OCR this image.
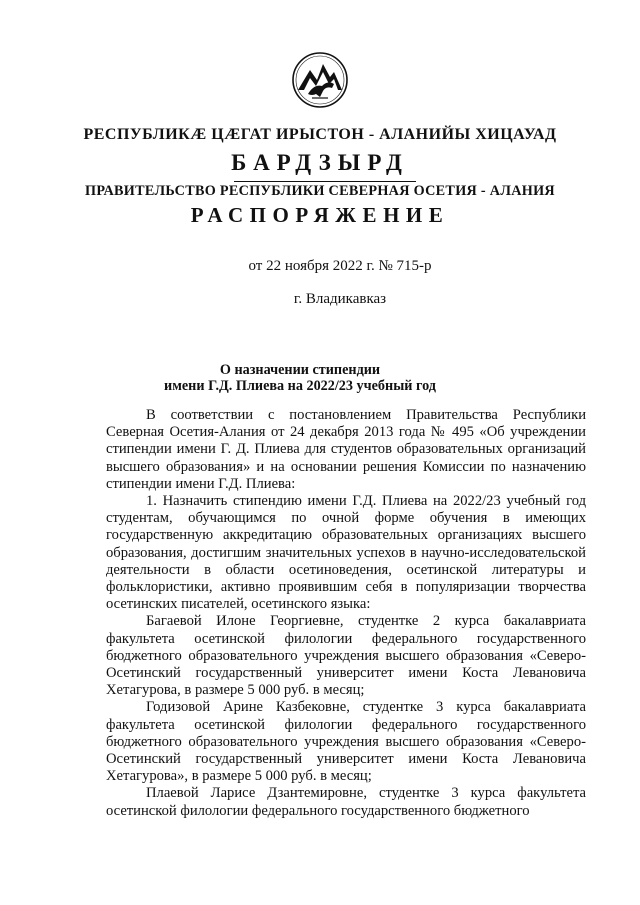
РЕСПУБЛИКÆ ЦÆГАТ ИРЫСТОН - АЛАНИЙЫ ХИЦАУАД
БАРДЗЫРД
ПРАВИТЕЛЬСТВО РЕСПУБЛИКИ СЕВЕРНАЯ ОСЕТИЯ - АЛАНИЯ
РАСПОРЯЖЕНИЕ
от 22 ноября 2022 г. № 715-р
г. Владикавказ
О назначении стипендии
имени Г.Д. Плиева на 2022/23 учебный год

В соответствии с постановлением Правительства Республики Северная Осетия-Алания от 24 декабря 2013 года № 495 «Об учреждении стипендии имени Г. Д. Плиева для студентов образовательных организаций высшего образования» и на основании решения Комиссии по назначению стипендии имени Г.Д. Плиева:

1. Назначить стипендию имени Г.Д. Плиева на 2022/23 учебный год студентам, обучающимся по очной форме обучения в имеющих государственную аккредитацию образовательных организациях высшего образования, достигшим значительных успехов в научно-исследовательской деятельности в области осетиноведения, осетинской литературы и фольклористики, активно проявившим себя в популяризации творчества осетинских писателей, осетинского языка:

Багаевой Илоне Георгиевне, студентке 2 курса бакалавриата факультета осетинской филологии федерального государственного бюджетного образовательного учреждения высшего образования «Северо-Осетинский государственный университет имени Коста Левановича Хетагурова, в размере 5 000 руб. в месяц;

Годизовой Арине Казбековне, студентке 3 курса бакалавриата факультета осетинской филологии федерального государственного бюджетного образовательного учреждения высшего образования «Северо-Осетинский государственный университет имени Коста Левановича Хетагурова», в размере 5 000 руб. в месяц;

Плаевой Ларисе Дзантемировне, студентке 3 курса факультета осетинской филологии федерального государственного бюджетного
